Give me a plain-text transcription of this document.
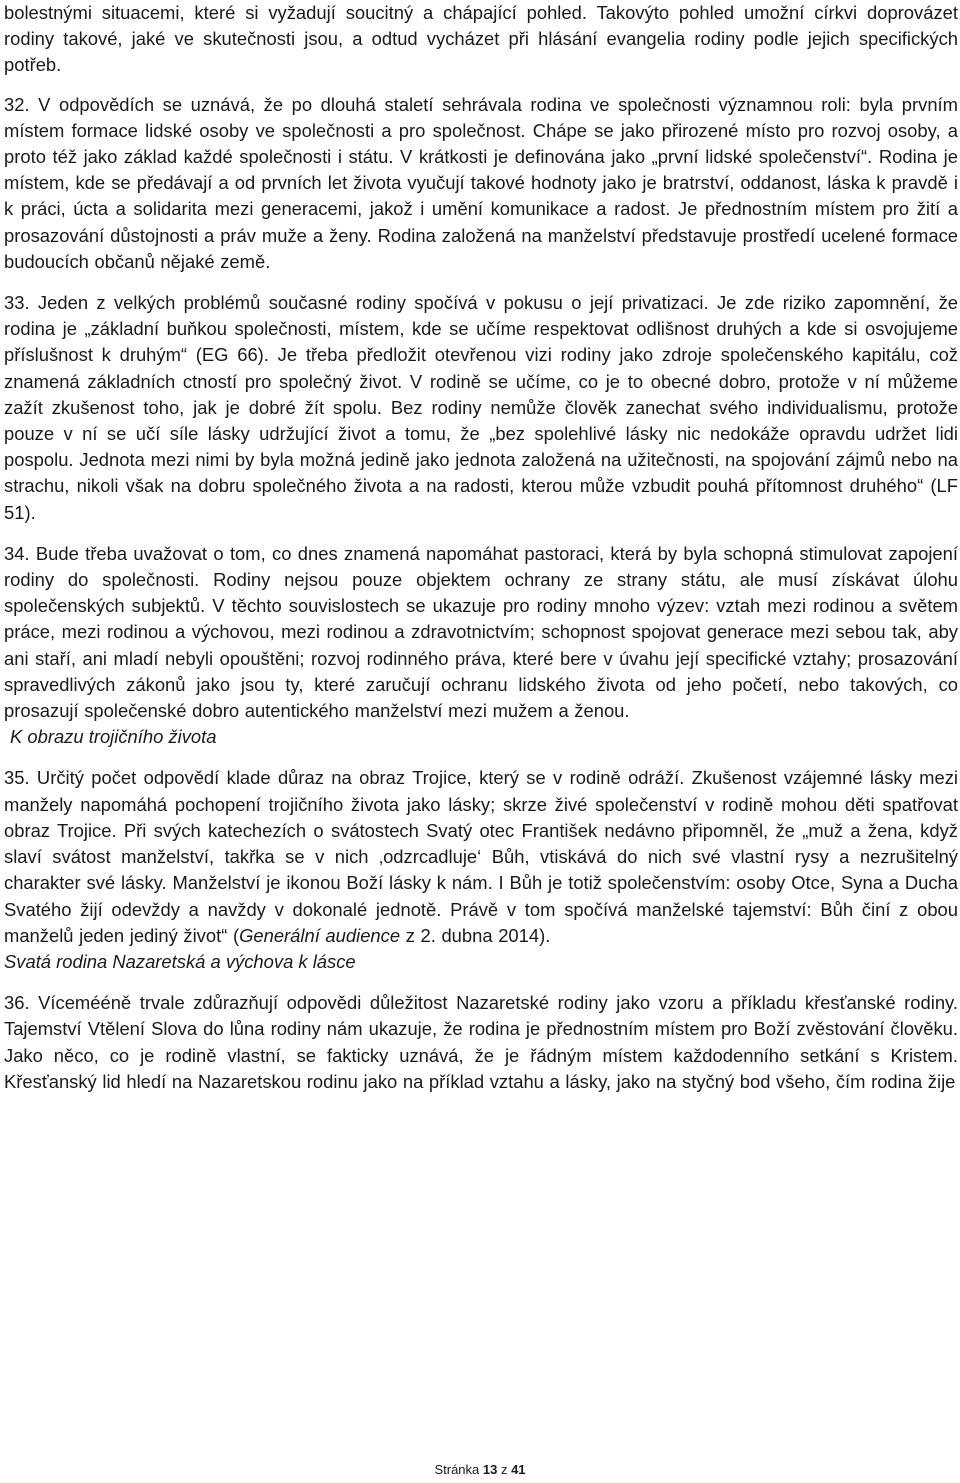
bolestnými situacemi, které si vyžadují soucitný a chápající pohled. Takovýto pohled umožní církvi doprovázet rodiny takové, jaké ve skutečnosti jsou, a odtud vycházet při hlásání evangelia rodiny podle jejich specifických potřeb.

32. V odpovědích se uznává, že po dlouhá staletí sehrávala rodina ve společnosti významnou roli: byla prvním místem formace lidské osoby ve společnosti a pro společnost. Chápe se jako přirozené místo pro rozvoj osoby, a proto též jako základ každé společnosti i státu. V krátkosti je definována jako „první lidské společenství“. Rodina je místem, kde se předávají a od prvních let života vyučují takové hodnoty jako je bratrství, oddanost, láska k pravdě i k práci, úcta a solidarita mezi generacemi, jakož i umění komunikace a radost. Je přednostním místem pro žití a prosazování důstojnosti a práv muže a ženy. Rodina založená na manželství představuje prostředí ucelené formace budoucích občanů nějaké země.

33. Jeden z velkých problémů současné rodiny spočívá v pokusu o její privatizaci. Je zde riziko zapomnění, že rodina je „základní buňkou společnosti, místem, kde se učíme respektovat odlišnost druhých a kde si osvojujeme příslušnost k druhým“ (EG 66). Je třeba předložit otevřenou vizi rodiny jako zdroje společenského kapitálu, což znamená základních ctností pro společný život. V rodině se učíme, co je to obecné dobro, protože v ní můžeme zažít zkušenost toho, jak je dobré žít spolu. Bez rodiny nemůže člověk zanechat svého individualismu, protože pouze v ní se učí síle lásky udržující život a tomu, že „bez spolehlivé lásky nic nedokáže opravdu udržet lidi pospolu. Jednota mezi nimi by byla možná jedině jako jednota založená na užitečnosti, na spojování zájmů nebo na strachu, nikoli však na dobru společného života a na radosti, kterou může vzbudit pouhá přítomnost druhého“ (LF 51).

34. Bude třeba uvažovat o tom, co dnes znamená napomáhat pastoraci, která by byla schopná stimulovat zapojení rodiny do společnosti. Rodiny nejsou pouze objektem ochrany ze strany státu, ale musí získávat úlohu společenských subjektů. V těchto souvislostech se ukazuje pro rodiny mnoho výzev: vztah mezi rodinou a světem práce, mezi rodinou a výchovou, mezi rodinou a zdravotnictvím; schopnost spojovat generace mezi sebou tak, aby ani staří, ani mladí nebyli opouštěni; rozvoj rodinného práva, které bere v úvahu její specifické vztahy; prosazování spravedlivých zákonů jako jsou ty, které zaručují ochranu lidského života od jeho početí, nebo takových, co prosazují společenské dobro autentického manželství mezi mužem a ženou.

K obrazu trojičního života

35. Určitý počet odpovědí klade důraz na obraz Trojice, který se v rodině odráží. Zkušenost vzájemné lásky mezi manžely napomáhá pochopení trojičního života jako lásky; skrze živé společenství v rodině mohou děti spatřovat obraz Trojice. Při svých katechezích o svátostech Svatý otec František nedávno připomněl, že „muž a žena, když slaví svátost manželství, takřka se v nich ‚odzrcadluje‘ Bůh, vtiskává do nich své vlastní rysy a nezrušitelný charakter své lásky. Manželství je ikonou Boží lásky k nám. I Bůh je totiž společenstvím: osoby Otce, Syna a Ducha Svatého žijí odevždy a navždy v dokonalé jednotě. Právě v tom spočívá manželské tajemství: Bůh činí z obou manželů jeden jediný život“ (Generální audience z 2. dubna 2014).

Svatá rodina Nazaretská a výchova k lásce

36. Vícemééně trvale zdůrazňují odpovědi důležitost Nazaretské rodiny jako vzoru a příkladu křesťanské rodiny. Tajemství Vtělení Slova do lůna rodiny nám ukazuje, že rodina je přednostním místem pro Boží zvěstování člověku. Jako něco, co je rodině vlastní, se fakticky uznává, že je řádným místem každodenního setkání s Kristem. Křesťanský lid hledí na Nazaretskou rodinu jako na příklad vztahu a lásky, jako na styčný bod všeho, čím rodina žije

Stránka 13 z 41
